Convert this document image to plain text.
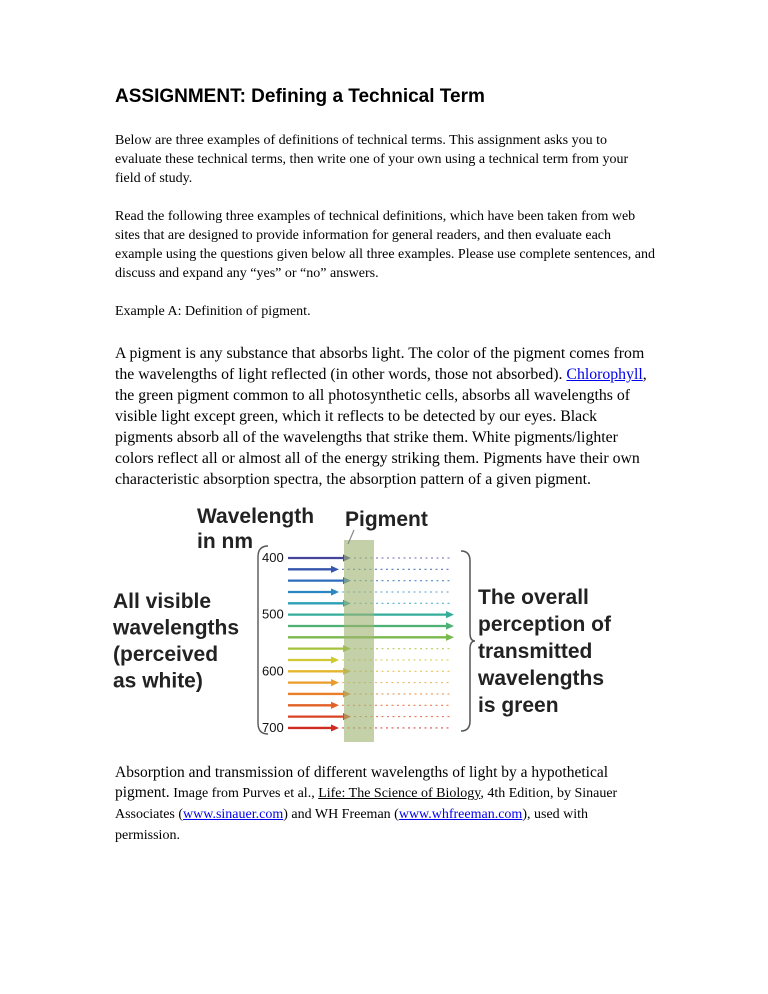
ASSIGNMENT: Defining a Technical Term

Below are three examples of definitions of technical terms. This assignment asks you to evaluate these technical terms, then write one of your own using a technical term from your field of study.

Read the following three examples of technical definitions, which have been taken from web sites that are designed to provide information for general readers, and then evaluate each example using the questions given below all three examples. Please use complete sentences, and discuss and expand any “yes” or “no” answers.

Example A: Definition of pigment.

A pigment is any substance that absorbs light. The color of the pigment comes from the wavelengths of light reflected (in other words, those not absorbed). Chlorophyll, the green pigment common to all photosynthetic cells, absorbs all wavelengths of visible light except green, which it reflects to be detected by our eyes. Black pigments absorb all of the wavelengths that strike them. White pigments/lighter colors reflect all or almost all of the energy striking them. Pigments have their own characteristic absorption spectra, the absorption pattern of a given pigment.

400
500
600
700
Wavelength
in nm
Pigment
All visible
wavelengths
(perceived
as white)
The overall
perception of
transmitted
wavelengths
is green

Absorption and transmission of different wavelengths of light by a hypothetical pigment. Image from Purves et al., Life: The Science of Biology, 4th Edition, by Sinauer Associates (www.sinauer.com) and WH Freeman (www.whfreeman.com), used with permission.
